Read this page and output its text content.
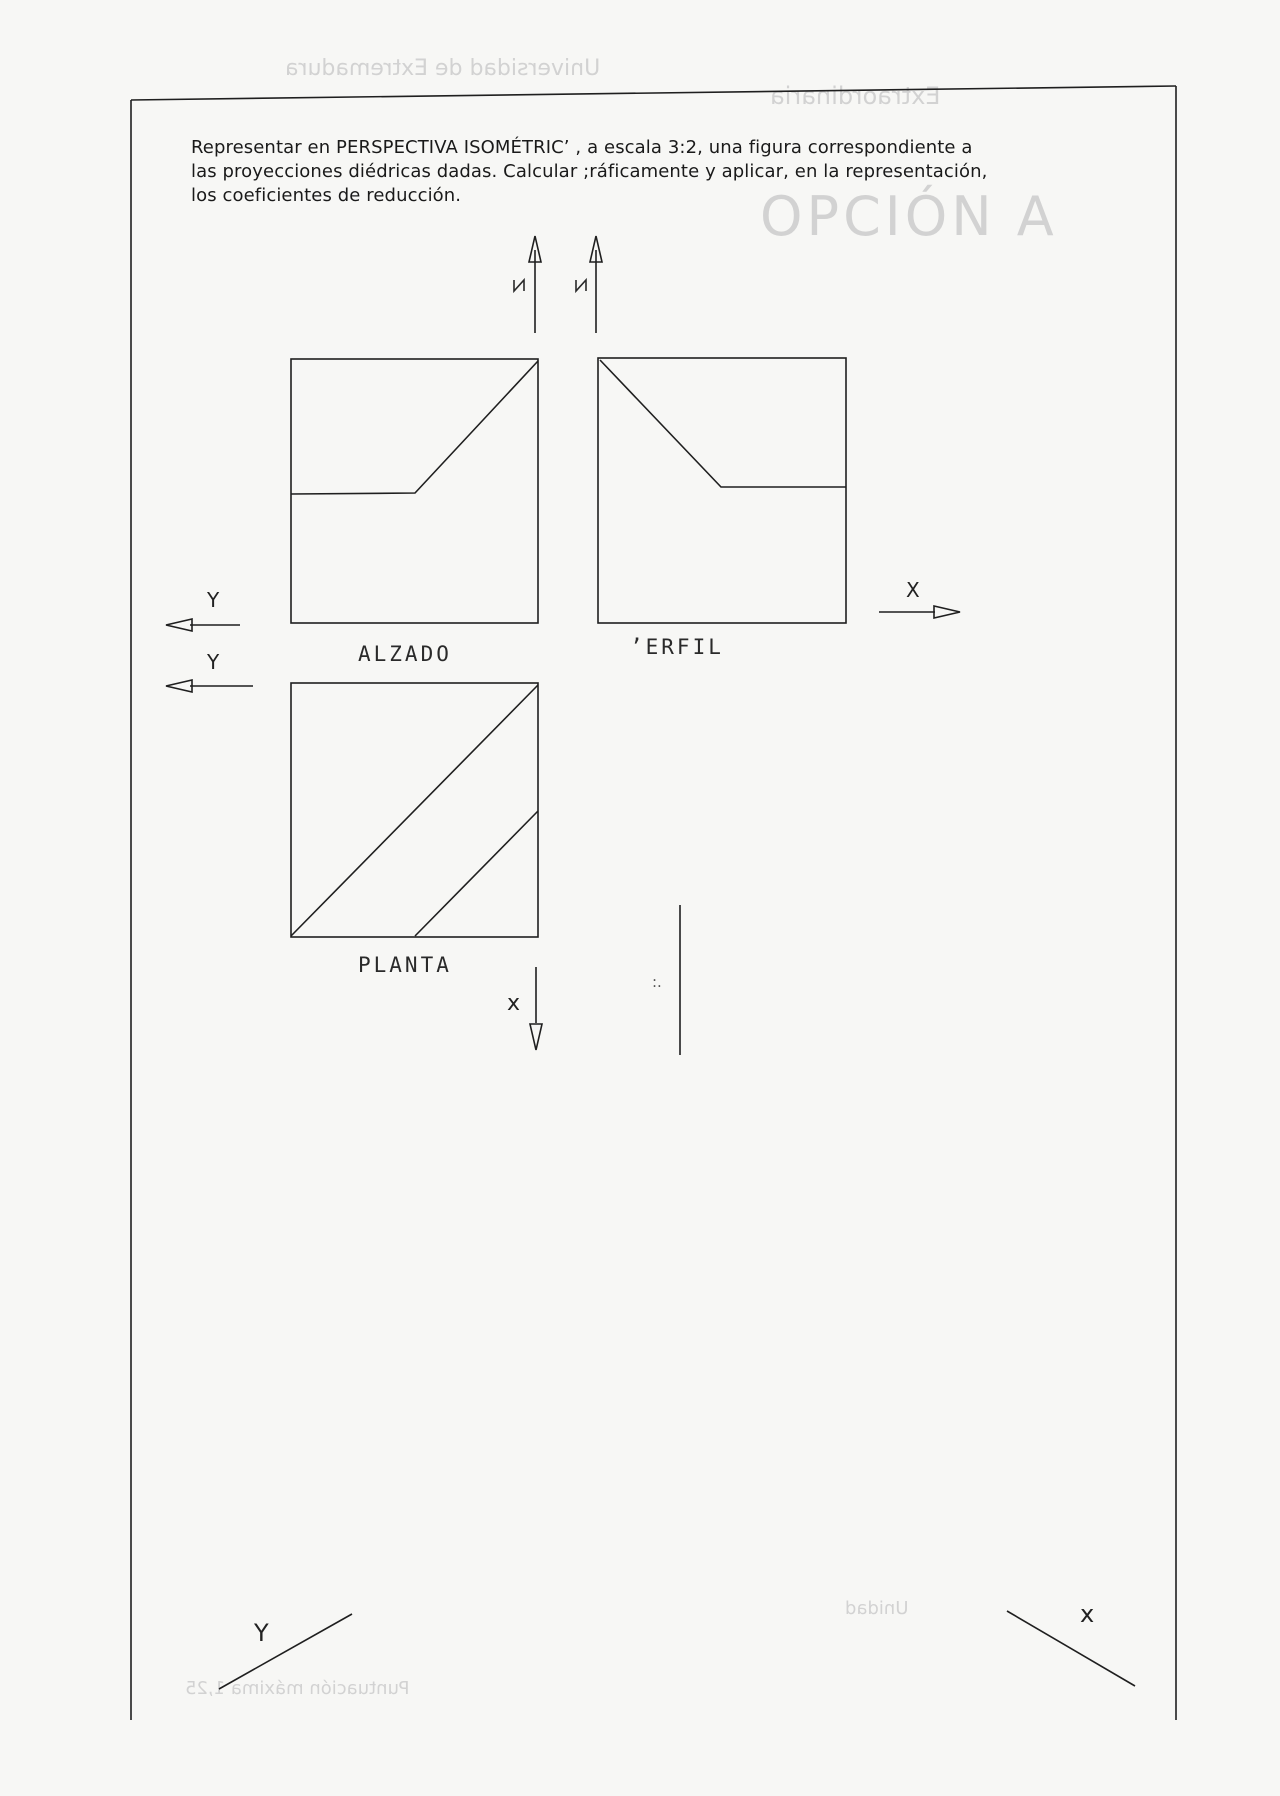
Universidad de Extremadura
Extraordinaria
OPCIÓN A
Unidad
Puntuación máxima 1,25
:.
Representar en PERSPECTIVA ISOMÉTRIC’ , a escala 3:2, una figura correspondiente a
las proyecciones diédricas dadas. Calcular ;ráficamente y aplicar, en la representación,
los coeficientes de reducción.
ALZADO	’ERFIL
PLANTA
Y
Y
X
x
Y
x
